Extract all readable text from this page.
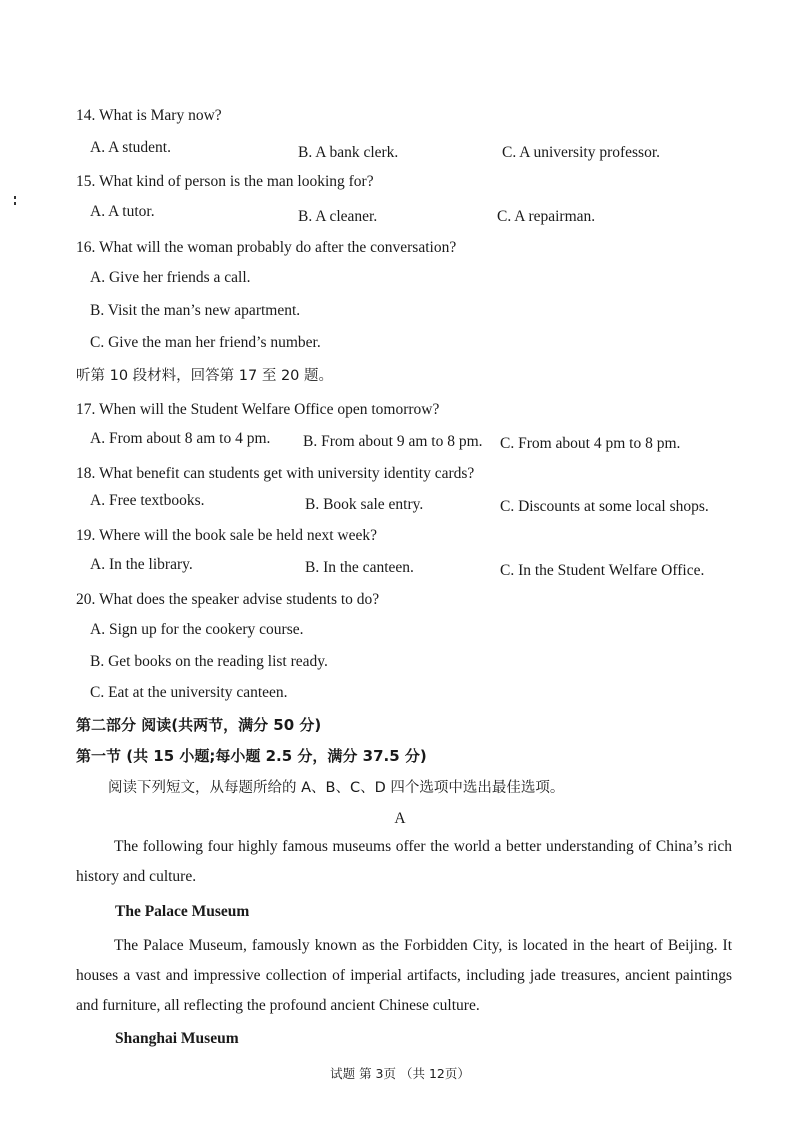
14. What is Mary now?
A. A student.	B. A bank clerk.	C. A university professor.
15. What kind of person is the man looking for?
A. A tutor.	B. A cleaner.	C. A repairman.
16. What will the woman probably do after the conversation?
A. Give her friends a call.
B. Visit the man’s new apartment.
C. Give the man her friend’s number.
听第 10 段材料，回答第 17 至 20 题。
17. When will the Student Welfare Office open tomorrow?
A. From about 8 am to 4 pm. B. From about 9 am to 8 pm. C. From about 4 pm to 8 pm.
18. What benefit can students get with university identity cards?
A. Free textbooks.	B. Book sale entry.	C. Discounts at some local shops.
19. Where will the book sale be held next week?
A. In the library.	B. In the canteen.	C. In the Student Welfare Office.
20. What does the speaker advise students to do?
A. Sign up for the cookery course.
B. Get books on the reading list ready.
C. Eat at the university canteen.
第二部分 阅读(共两节，满分 50 分)
第一节 (共 15 小题;每小题 2.5 分，满分 37.5 分)
阅读下列短文，从每题所给的 A、B、C、D 四个选项中选出最佳选项。
A
The following four highly famous museums offer the world a better understanding of China’s rich history and culture.
The Palace Museum
The Palace Museum, famously known as the Forbidden City, is located in the heart of Beijing. It houses a vast and impressive collection of imperial artifacts, including jade treasures, ancient paintings and furniture, all reflecting the profound ancient Chinese culture.
Shanghai Museum
试题 第 3页 （共 12页）
